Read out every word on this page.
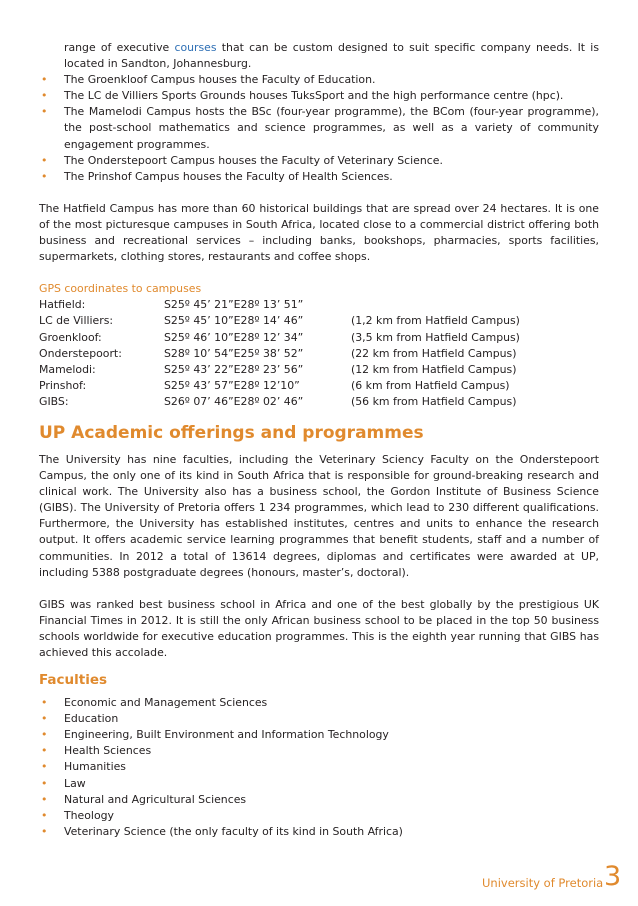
range of executive courses that can be custom designed to suit specific company needs. It is located in Sandton, Johannesburg.
• The Groenkloof Campus houses the Faculty of Education.
• The LC de Villiers Sports Grounds houses TuksSport and the high performance centre (hpc).
• The Mamelodi Campus hosts the BSc (four-year programme), the BCom (four-year programme), the post-school mathematics and science programmes, as well as a variety of community engagement programmes.
• The Onderstepoort Campus houses the Faculty of Veterinary Science.
• The Prinshof Campus houses the Faculty of Health Sciences.

The Hatfield Campus has more than 60 historical buildings that are spread over 24 hectares. It is one of the most picturesque campuses in South Africa, located close to a commercial district offering both business and recreational services – including banks, bookshops, pharmacies, sports facilities, supermarkets, clothing stores, restaurants and coffee shops.

GPS coordinates to campuses
Hatfield:	S25º 45’ 21”E28º 13’ 51”
LC de Villiers:	S25º 45’ 10”E28º 14’ 46”	(1,2 km from Hatfield Campus)
Groenkloof:	S25º 46’ 10”E28º 12’ 34”	(3,5 km from Hatfield Campus)
Onderstepoort:	S28º 10’ 54”E25º 38’ 52”	(22 km from Hatfield Campus)
Mamelodi:	S25º 43’ 22”E28º 23’ 56”	(12 km from Hatfield Campus)
Prinshof:	S25º 43’ 57”E28º 12’10”	(6 km from Hatfield Campus)
GIBS:	S26º 07’ 46”E28º 02’ 46”	(56 km from Hatfield Campus)
UP Academic offerings and programmes

The University has nine faculties, including the Veterinary Sciency Faculty on the Onderstepoort Campus, the only one of its kind in South Africa that is responsible for ground-breaking research and clinical work. The University also has a business school, the Gordon Institute of Business Science (GIBS). The University of Pretoria offers 1 234 programmes, which lead to 230 different qualifications. Furthermore, the University has established institutes, centres and units to enhance the research output. It offers academic service learning programmes that benefit students, staff and a number of communities. In 2012 a total of 13614 degrees, diplomas and certificates were awarded at UP, including 5388 postgraduate degrees (honours, master’s, doctoral).

GIBS was ranked best business school in Africa and one of the best globally by the prestigious UK Financial Times in 2012. It is still the only African business school to be placed in the top 50 business schools worldwide for executive education programmes. This is the eighth year running that GIBS has achieved this accolade.

Faculties
• Economic and Management Sciences
• Education
• Engineering, Built Environment and Information Technology
• Health Sciences
• Humanities
• Law
• Natural and Agricultural Sciences
• Theology
• Veterinary Science (the only faculty of its kind in South Africa)
University of Pretoria 3
